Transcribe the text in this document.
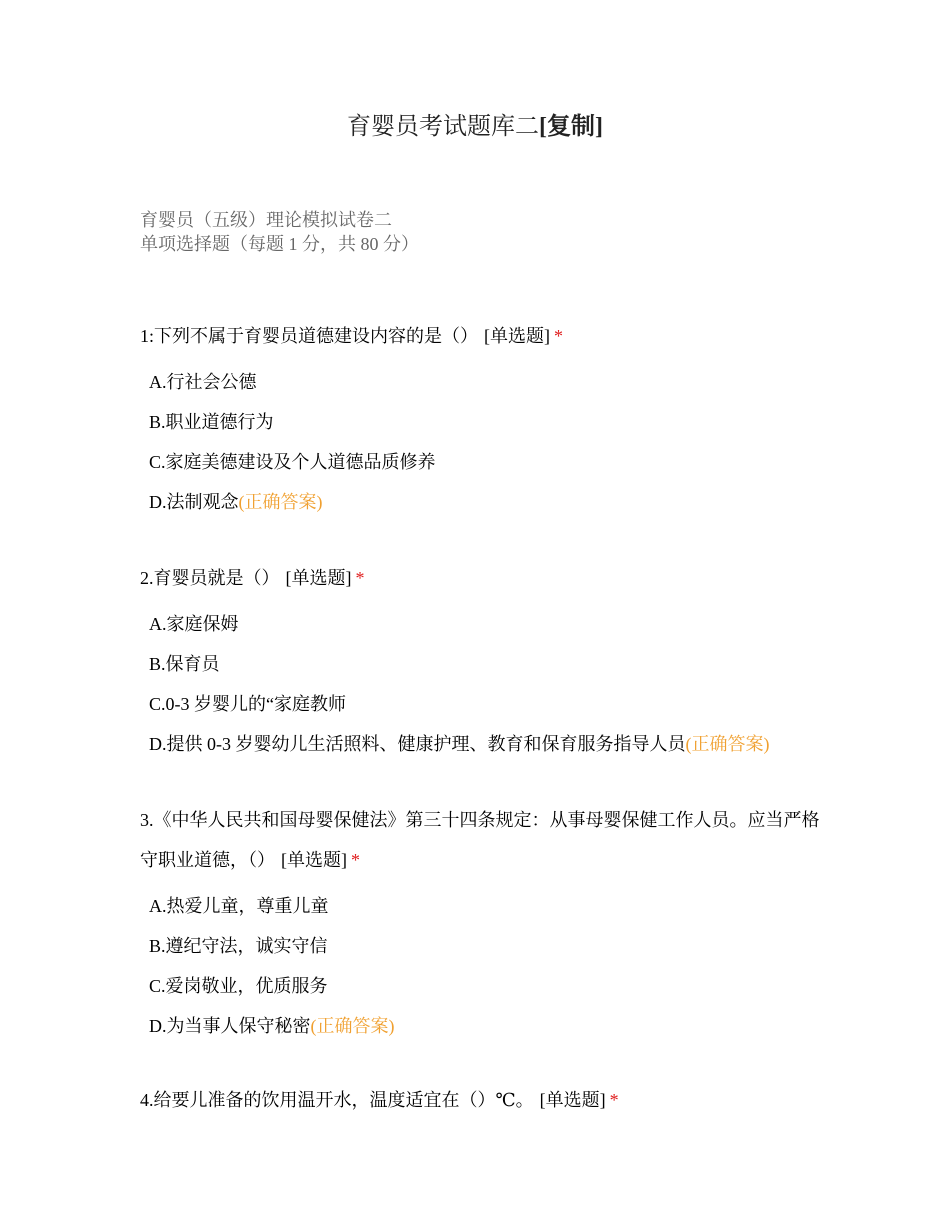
育婴员考试题库二[复制]
育婴员（五级）理论模拟试卷二
单项选择题（每题 1 分，共 80 分）

1:下列不属于育婴员道德建设内容的是（） [单选题] *

A.行社会公德
B.职业道德行为
C.家庭美德建设及个人道德品质修养
D.法制观念(正确答案)

2.育婴员就是（） [单选题] *

A.家庭保姆
B.保育员
C.0-3 岁婴儿的“家庭教师
D.提供 0-3 岁婴幼儿生活照料、健康护理、教育和保育服务指导人员(正确答案)

3.《中华人民共和国母婴保健法》第三十四条规定：从事母婴保健工作人员。应当严格守职业道德，（） [单选题] *

A.热爱儿童，尊重儿童
B.遵纪守法，诚实守信
C.爱岗敬业，优质服务
D.为当事人保守秘密(正确答案)

4.给要儿准备的饮用温开水，温度适宜在（）℃。 [单选题] *
